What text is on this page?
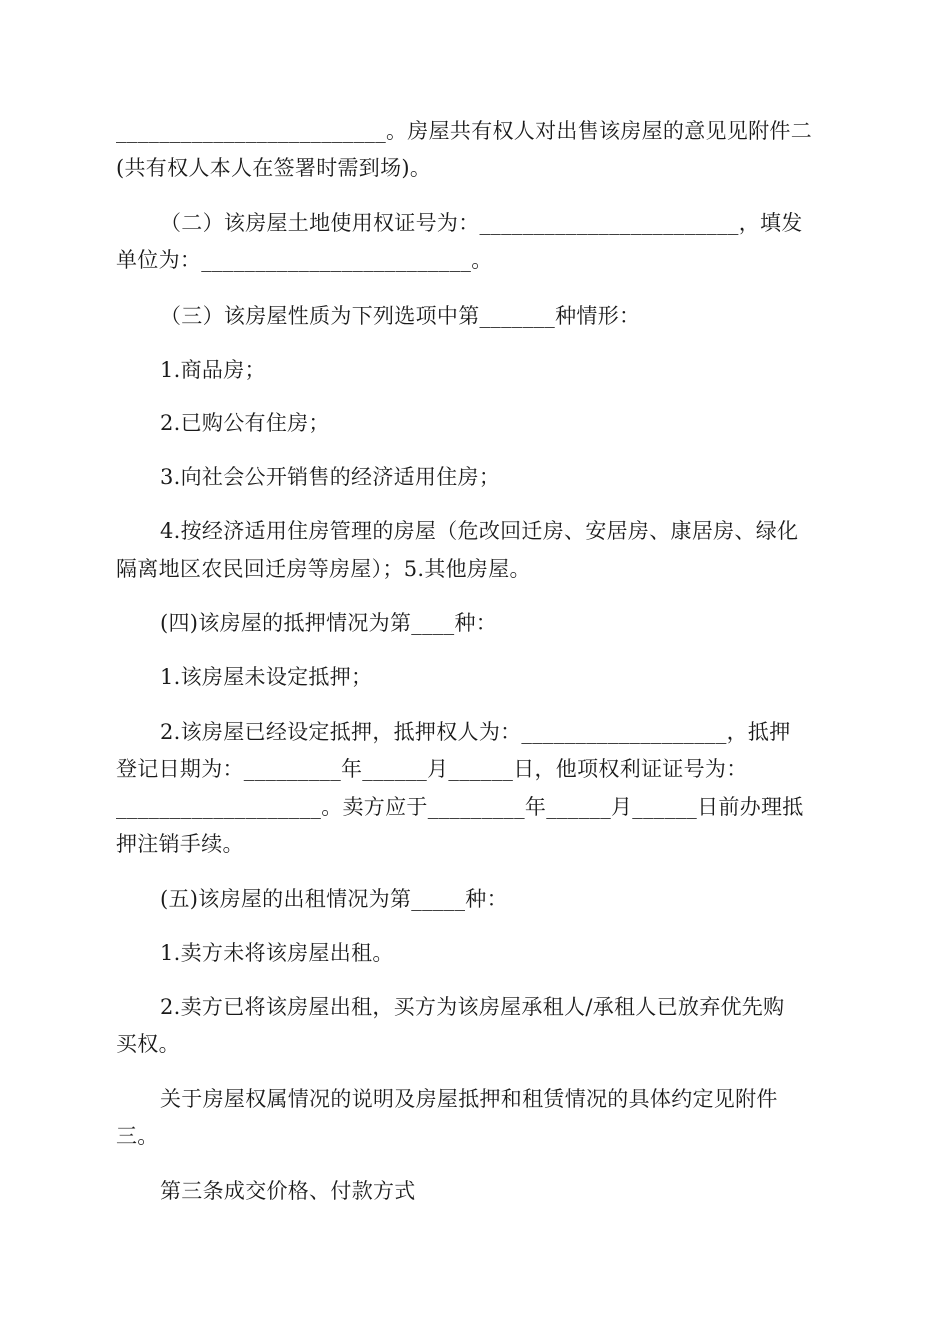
_________________________。房屋共有权人对出售该房屋的意见见附件二
(共有权人本人在签署时需到场)。
（二）该房屋土地使用权证号为：________________________，填发
单位为：_________________________。
（三）该房屋性质为下列选项中第_______种情形：
1.商品房；
2.已购公有住房；
3.向社会公开销售的经济适用住房；
4.按经济适用住房管理的房屋（危改回迁房、安居房、康居房、绿化
隔离地区农民回迁房等房屋）；5.其他房屋。
(四)该房屋的抵押情况为第____种：
1.该房屋未设定抵押；
2.该房屋已经设定抵押，抵押权人为：___________________，抵押
登记日期为：_________年______月______日，他项权利证证号为：
___________________。卖方应于_________年______月______日前办理抵
押注销手续。
(五)该房屋的出租情况为第_____种：
1.卖方未将该房屋出租。
2.卖方已将该房屋出租，买方为该房屋承租人/承租人已放弃优先购
买权。
关于房屋权属情况的说明及房屋抵押和租赁情况的具体约定见附件
三。
第三条成交价格、付款方式
